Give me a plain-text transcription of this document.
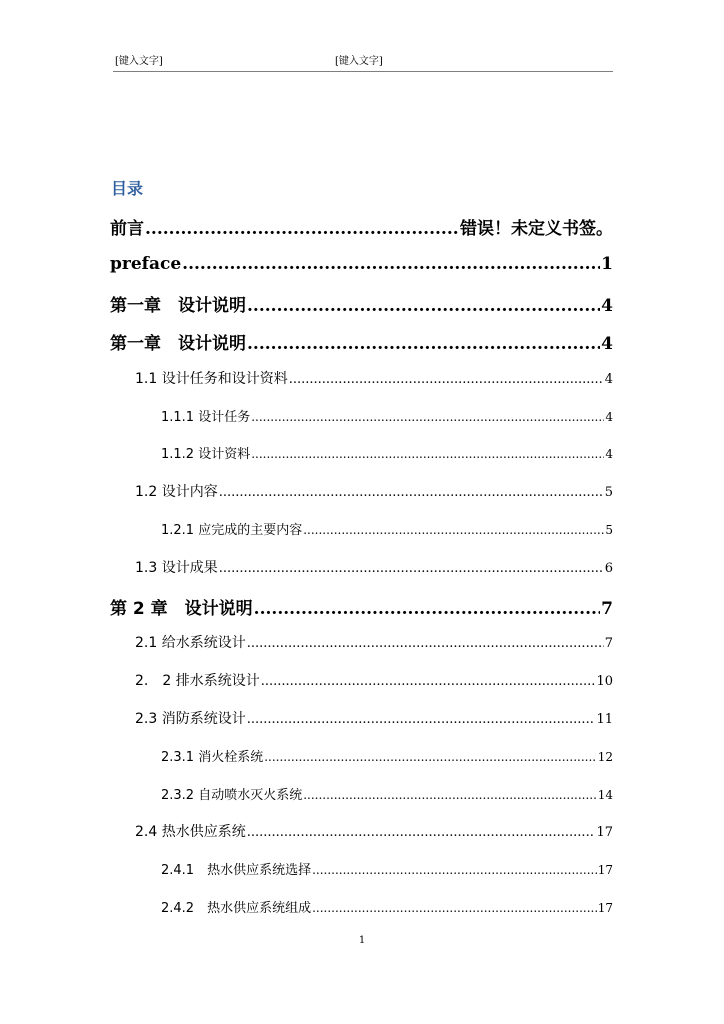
[键入文字]	[键入文字]
目录
前言 .....	错误！未定义书签。
preface .....	1
第一章　设计说明 .....	4
第一章　设计说明 .....	4
1.1 设计任务和设计资料 .....	4
1.1.1 设计任务 .....	4
1.1.2 设计资料 .....	4
1.2 设计内容 .....	5
1.2.1 应完成的主要内容 .....	5
1.3 设计成果 .....	6
第 2 章　设计说明 .....	7
2.1 给水系统设计 .....	7
2.　2 排水系统设计 .....	10
2.3 消防系统设计 .....	11
2.3.1 消火栓系统 .....	12
2.3.2 自动喷水灭火系统 .....	14
2.4 热水供应系统 .....	17
2.4.1　热水供应系统选择 .....	17
2.4.2　热水供应系统组成 .....	17
1
